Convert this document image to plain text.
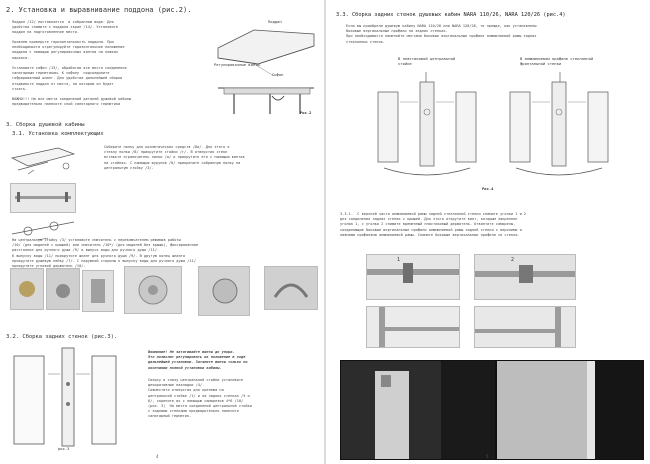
2. Установка и выравнивание поддона (рис.2).
Поддон /12/ поставляется  в собранном виде. Для
удобства снимите с поддона экран /14/. Установите
поддон на подготовленное место.
Уровнем проверьте горизонтальность поддона. При
необходимости отрегулируйте горизонтальное положение
поддона с помощью регулировочных винтов на ножках
каркаса.
Установите сифон /13/, обработав все места соединения
санитарным герметиком. К сифону  подсоедините
гофрированный шланг. Для удобства дальнейшей сборки
отодвиньте поддон от места, на котором он будет
стоять.
ВАЖНО!!! На все места соединений деталей душевой кабины
предварительно нанесите слой санитарного герметика
Поддон
Сифон
Регулировочные винты
Рис.2
3. Сборка душевой кабины
3.1. Установка комплектующих
Соберите полку для косметических средств /8а/. Для этого к
стеклу полки /8/ прикрутите стойки /г/. В отверстия стекл
вставьте ограничитель полки /а/ и прикрутите его с помощью винтов
на стойках. С помощью шурупов /б/ прикрепите собранную полку на
центральную стойку /3/.
На центральную стойку /3/ установите смеситель с переключателем режимов работы
/10/ (для моделей с крышей) или смеситель /10*/ (для моделей без крыши), фиксированное
расстояние для ручного душа /9/ и выпуск воды для ручного душа /11/.
К выпуску воды /11/ прикрутите шланг для ручного душа /9/. В другую конец шланга
прикрутите душевую лейку /7/. С наружной стороны к выпуску воды для ручного душа /11/
прикрутите угловой держатель /10/.
3.2. Сборка задних стенок (рис.3).
рис.3
Внимание! Не затягивайте винты до упора.
Это позволит регулировать их положение в ходе
дальнейшей установки. Затяните винты только по
окончании полной установки кабины.
Сверху и снизу центральной стойки установите
декоративные накладки /4/.
Совместите отверстия для крепежа на
центральной стойке /1/ и на задних стенках /5 и
6/, скрепите их с помощью саморезов 4*6 /10/
(рис. 3)  На места соединений центральной стойки
с задними стенками предварительно нанесите
санитарный герметик.
4
3.3. Сборка задних стенок душевых кабин NARA 110/26, NARA 120/26 (рис.4)
Если вы приобрели душевую кабину NARA 110/26 или NARA 120/26, то прежде, как установлены
боковые вертикальные профили на задних стенках.
При необходимости поменяйте местами боковые вертикальные профиля алюминиевой рамы задних
стеклянных стенок.
В пластиковой центральной стойке
В алюминиевом профиле стеклянной фронтальной стенки
Рис.4
3.3.1.  С верхней части алюминиевой рамы задней стеклянной стенки снимите уголки 1 и 2
для соединения задних стенок с крышей. Для этого открутите винт, которым закреплен
уголок 1, с уголка 2 снимите временный пластиковый держатель. Отвинтите саморезы,
соединяющие боковые вертикальные профили алюминиевой рамы задней стенки с верхними и
нижними профилями алюминиевой рамы. Снимите боковые вертикальные профили со стекла.
1	2
5
